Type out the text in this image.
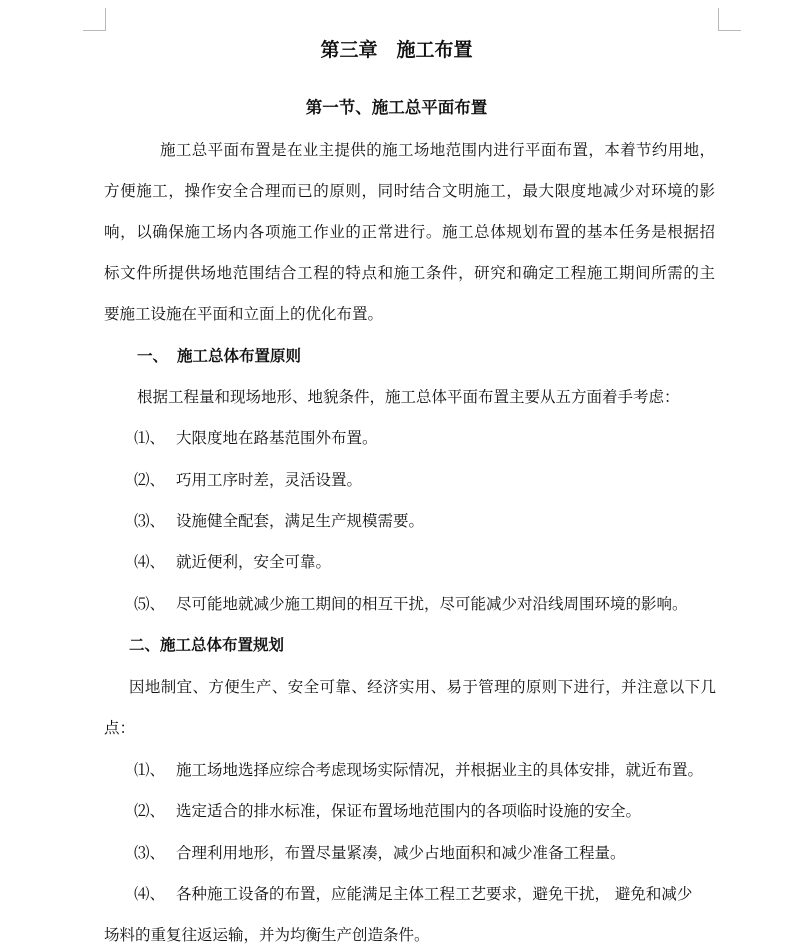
第三章　施工布置
第一节、施工总平面布置
施工总平面布置是在业主提供的施工场地范围内进行平面布置，本着节约用地，
方便施工，操作安全合理而已的原则，同时结合文明施工，最大限度地减少对环境的影
响，以确保施工场内各项施工作业的正常进行。施工总体规划布置的基本任务是根据招
标文件所提供场地范围结合工程的特点和施工条件，研究和确定工程施工期间所需的主
要施工设施在平面和立面上的优化布置。
一、 施工总体布置原则
根据工程量和现场地形、地貌条件，施工总体平面布置主要从五方面着手考虑：
⑴、 大限度地在路基范围外布置。
⑵、 巧用工序时差，灵活设置。
⑶、 设施健全配套，满足生产规模需要。
⑷、 就近便利，安全可靠。
⑸、 尽可能地就减少施工期间的相互干扰，尽可能减少对沿线周围环境的影响。
二、施工总体布置规划
因地制宜、方便生产、安全可靠、经济实用、易于管理的原则下进行，并注意以下几
点：
⑴、 施工场地选择应综合考虑现场实际情况，并根据业主的具体安排，就近布置。
⑵、 选定适合的排水标准，保证布置场地范围内的各项临时设施的安全。
⑶、 合理利用地形，布置尽量紧凑，减少占地面积和减少准备工程量。
⑷、 各种施工设备的布置，应能满足主体工程工艺要求，避免干扰， 避免和减少
场料的重复往返运输，并为均衡生产创造条件。
